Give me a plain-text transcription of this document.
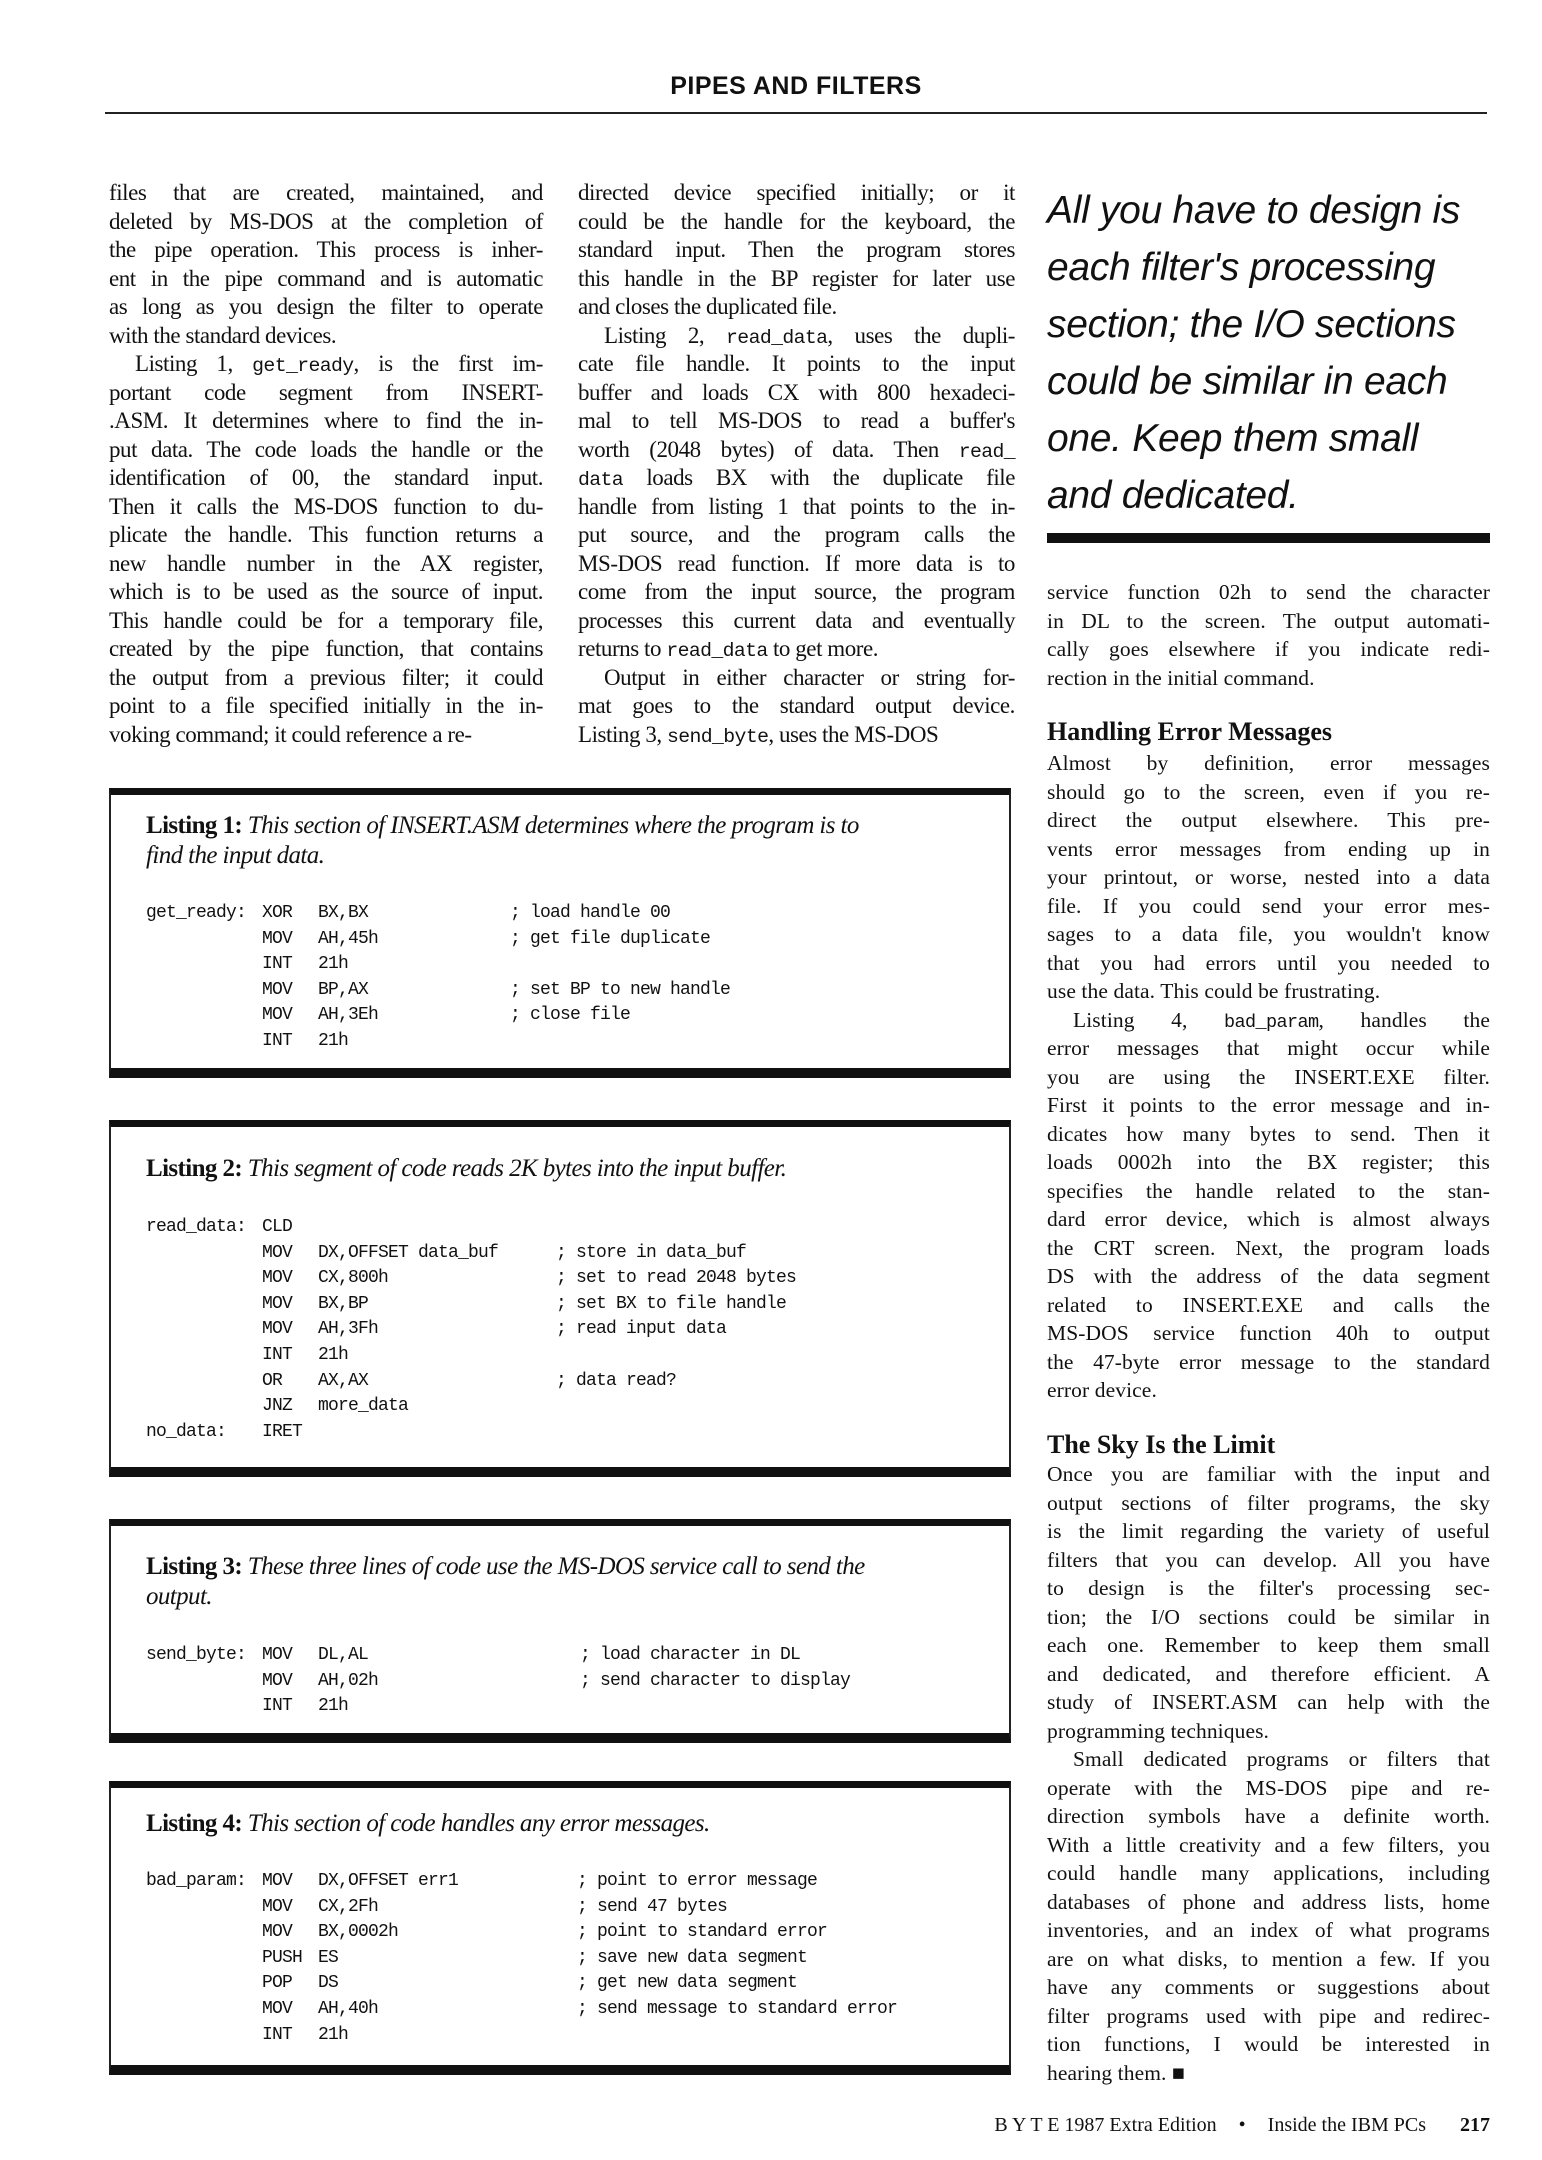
PIPES AND FILTERS
files that are created, maintained, and
deleted by MS-DOS at the completion of
the pipe operation. This process is inher-
ent in the pipe command and is automatic
as long as you design the filter to operate
with the standard devices.
Listing 1, get_ready, is the first im-
portant code segment from INSERT-
.ASM. It determines where to find the in-
put data. The code loads the handle or the
identification of 00, the standard input.
Then it calls the MS-DOS function to du-
plicate the handle. This function returns a
new handle number in the AX register,
which is to be used as the source of input.
This handle could be for a temporary file,
created by the pipe function, that contains
the output from a previous filter; it could
point to a file specified initially in the in-
voking command; it could reference a re-
directed device specified initially; or it
could be the handle for the keyboard, the
standard input. Then the program stores
this handle in the BP register for later use
and closes the duplicated file.
Listing 2, read_data, uses the dupli-
cate file handle. It points to the input
buffer and loads CX with 800 hexadeci-
mal to tell MS-DOS to read a buffer's
worth (2048 bytes) of data. Then read_
data loads BX with the duplicate file
handle from listing 1 that points to the in-
put source, and the program calls the
MS-DOS read function. If more data is to
come from the input source, the program
processes this current data and eventually
returns to read_data to get more.
Output in either character or string for-
mat goes to the standard output device.
Listing 3, send_byte, uses the MS-DOS
All you have to design is
each filter's processing
section; the I/O sections
could be similar in each
one. Keep them small
and dedicated.
service function 02h to send the character
in DL to the screen. The output automati-
cally goes elsewhere if you indicate redi-
rection in the initial command.
Handling Error Messages
Almost by definition, error messages
should go to the screen, even if you re-
direct the output elsewhere. This pre-
vents error messages from ending up in
your printout, or worse, nested into a data
file. If you could send your error mes-
sages to a data file, you wouldn't know
that you had errors until you needed to
use the data. This could be frustrating.
Listing 4, bad_param, handles the
error messages that might occur while
you are using the INSERT.EXE filter.
First it points to the error message and in-
dicates how many bytes to send. Then it
loads 0002h into the BX register; this
specifies the handle related to the stan-
dard error device, which is almost always
the CRT screen. Next, the program loads
DS with the address of the data segment
related to INSERT.EXE and calls the
MS-DOS service function 40h to output
the 47-byte error message to the standard
error device.
The Sky Is the Limit
Once you are familiar with the input and
output sections of filter programs, the sky
is the limit regarding the variety of useful
filters that you can develop. All you have
to design is the filter's processing sec-
tion; the I/O sections could be similar in
each one. Remember to keep them small
and dedicated, and therefore efficient. A
study of INSERT.ASM can help with the
programming techniques.
Small dedicated programs or filters that
operate with the MS-DOS pipe and re-
direction symbols have a definite worth.
With a little creativity and a few filters, you
could handle many applications, including
databases of phone and address lists, home
inventories, and an index of what programs
are on what disks, to mention a few. If you
have any comments or suggestions about
filter programs used with pipe and redirec-
tion functions, I would be interested in
hearing them. ■
Listing 1: This section of INSERT.ASM determines where the program is to
find the input data.
get_ready: XOR BX,BX	; load handle 00
MOV AH,45h	; get file duplicate
INT 21h
MOV BP,AX	; set BP to new handle
MOV AH,3Eh	; close file
INT 21h
Listing 2: This segment of code reads 2K bytes into the input buffer.
read_data: CLD
MOV DX,OFFSET data_buf	; store in data_buf
MOV CX,800h	; set to read 2048 bytes
MOV BX,BP	; set BX to file handle
MOV AH,3Fh	; read input data
INT 21h
OR AX,AX	; data read?
JNZ more_data
no_data: IRET
Listing 3: These three lines of code use the MS-DOS service call to send the
output.
send_byte: MOV DL,AL	; load character in DL
MOV AH,02h	; send character to display
INT 21h
Listing 4: This section of code handles any error messages.
bad_param: MOV DX,OFFSET err1	; point to error message
MOV CX,2Fh	; send 47 bytes
MOV BX,0002h	; point to standard error
PUSH ES	; save new data segment
POP DS	; get new data segment
MOV AH,40h	; send message to standard error
INT 21h
B Y T E 1987 Extra Edition • Inside the IBM PCs 217
